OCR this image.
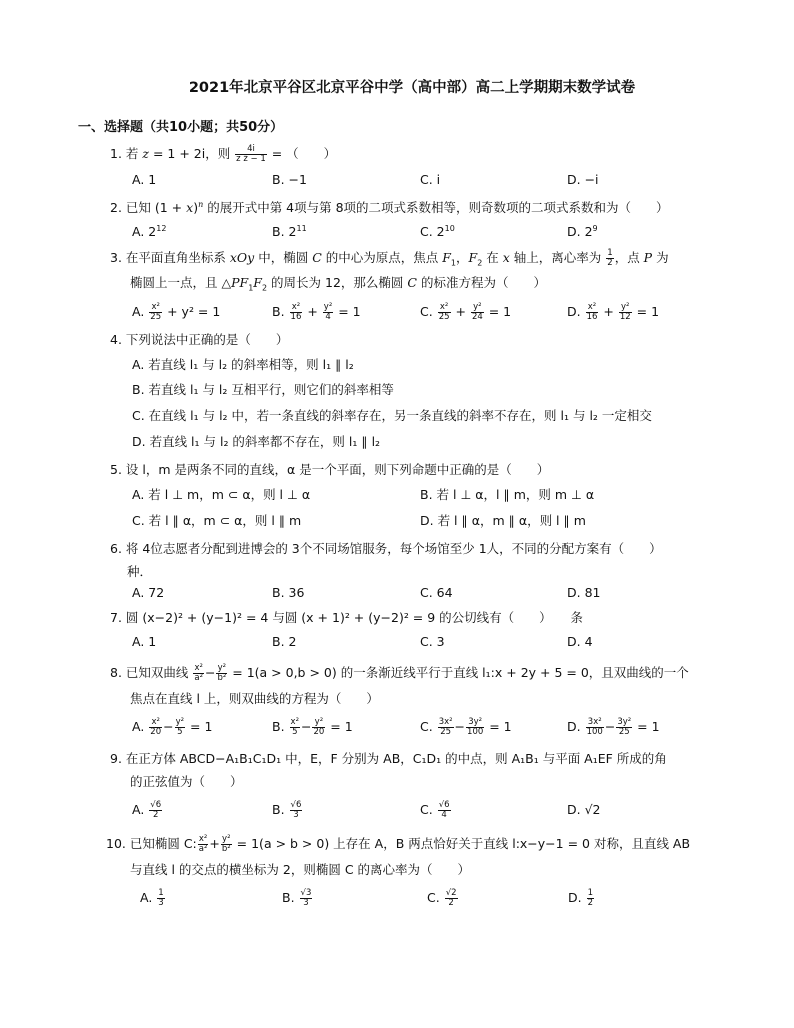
2021年北京平谷区北京平谷中学（高中部）高二上学期期末数学试卷
一、选择题（共10小题；共50分）
1. 若 z = 1 + 2i，则 $\frac{4i}{\text{z z̄ − 1}}$ = （　　）
A. 1	B. −1	C. i	D. −i
2. 已知 $(1 + x)^n$ 的展开式中第 4项与第 8项的二项式系数相等，则奇数项的二项式系数和为（　　）
A. $2^{12}$	B. $2^{11}$	C. $2^{10}$	D. $2^9$
3. 在平面直角坐标系 xOy 中，椭圆 C 的中心为原点，焦点 $F_1$，$F_2$ 在 x 轴上，离心率为 $\frac{1}{2}$ ，点 P 为
椭圆上一点，且 $\triangle PF_1F_2$ 的周长为 12，那么椭圆 C 的标准方程为（　　）
A. $\frac{\text{x²}}{25} + y^2 = 1$	B. $\frac{\text{x²}}{16} + \frac{\text{y²}}{4} = 1$	C. $\frac{\text{x²}}{25} + \frac{\text{y²}}{24} = 1$	D. $\frac{\text{x²}}{16} + \frac{\text{y²}}{12} = 1$
4. 下列说法中正确的是（　　）
A. 若直线 l₁ 与 l₂ 的斜率相等，则 l₁ ∥ l₂
B. 若直线 l₁ 与 l₂ 互相平行，则它们的斜率相等
C. 在直线 l₁ 与 l₂ 中，若一条直线的斜率存在，另一条直线的斜率不存在，则 l₁ 与 l₂ 一定相交
D. 若直线 l₁ 与 l₂ 的斜率都不存在，则 l₁ ∥ l₂
5. 设 l，m 是两条不同的直线，α 是一个平面，则下列命题中正确的是（　　）
A. 若 l ⊥ m，m ⊂ α，则 l ⊥ α	B. 若 l ⊥ α，l ∥ m，则 m ⊥ α
C. 若 l ∥ α，m ⊂ α，则 l ∥ m	D. 若 l ∥ α，m ∥ α，则 l ∥ m
6. 将 4位志愿者分配到进博会的 3个不同场馆服务，每个场馆至少 1人，不同的分配方案有（　　）
种．
A. 72	B. 36	C. 64	D. 81
7. 圆 (x−2)² + (y−1)² = 4 与圆 (x + 1)² + (y−2)² = 9 的公切线有（　　）　　条
A. 1	B. 2	C. 3	D. 4
8. 已知双曲线 $\frac{\text{x²}}{\text{a²}} - \frac{\text{y²}}{\text{b²}} = 1(a > 0,b > 0)$ 的一条渐近线平行于直线 l₁:x + 2y + 5 = 0，且双曲线的一个
焦点在直线 l 上，则双曲线的方程为（　　）
A. $\frac{\text{x²}}{20} - \frac{\text{y²}}{5} = 1$	B. $\frac{\text{x²}}{5} - \frac{\text{y²}}{20} = 1$	C. $\frac{\text{3x²}}{25} - \frac{\text{3y²}}{100} = 1$	D. $\frac{\text{3x²}}{100} - \frac{\text{3y²}}{25} = 1$
9. 在正方体 ABCD−A₁B₁C₁D₁ 中，E，F 分别为 AB，C₁D₁ 的中点，则 A₁B₁ 与平面 A₁EF 所成的角
的正弦值为（　　）
A. $\frac{√6}{2}$	B. $\frac{√6}{3}$	C. $\frac{√6}{4}$	D. √2
10. 已知椭圆 C: $\frac{\text{x²}}{\text{a²}} + \frac{\text{y²}}{\text{b²}} = 1(a > b > 0)$ 上存在 A，B 两点恰好关于直线 l:x−y−1 = 0 对称，且直线 AB
与直线 l 的交点的横坐标为 2，则椭圆 C 的离心率为（　　）
A. $\frac{1}{3}$	B. $\frac{√3}{3}$	C. $\frac{√2}{2}$	D. $\frac{1}{2}$
